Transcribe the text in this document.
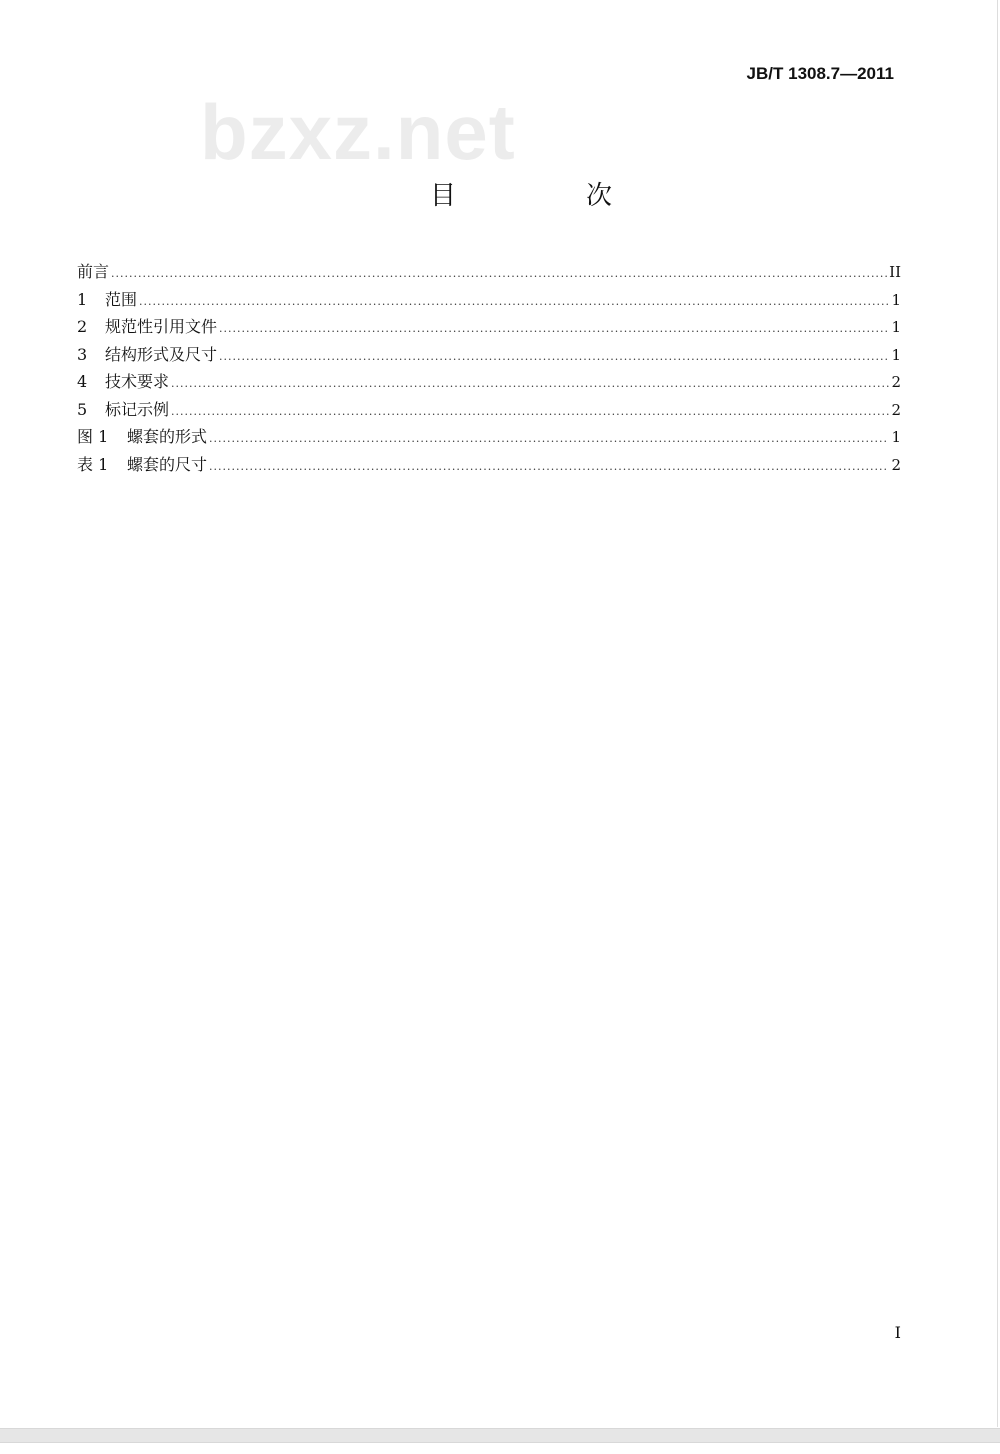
JB/T 1308.7—2011
bzxz.net
目　次
前言 .....	II
1	范围 .....	1
2	规范性引用文件 .....	1
3	结构形式及尺寸 .....	1
4	技术要求 .....	2
5	标记示例 .....	2
图 1	螺套的形式 .....	1
表 1	螺套的尺寸 .....	2
I
